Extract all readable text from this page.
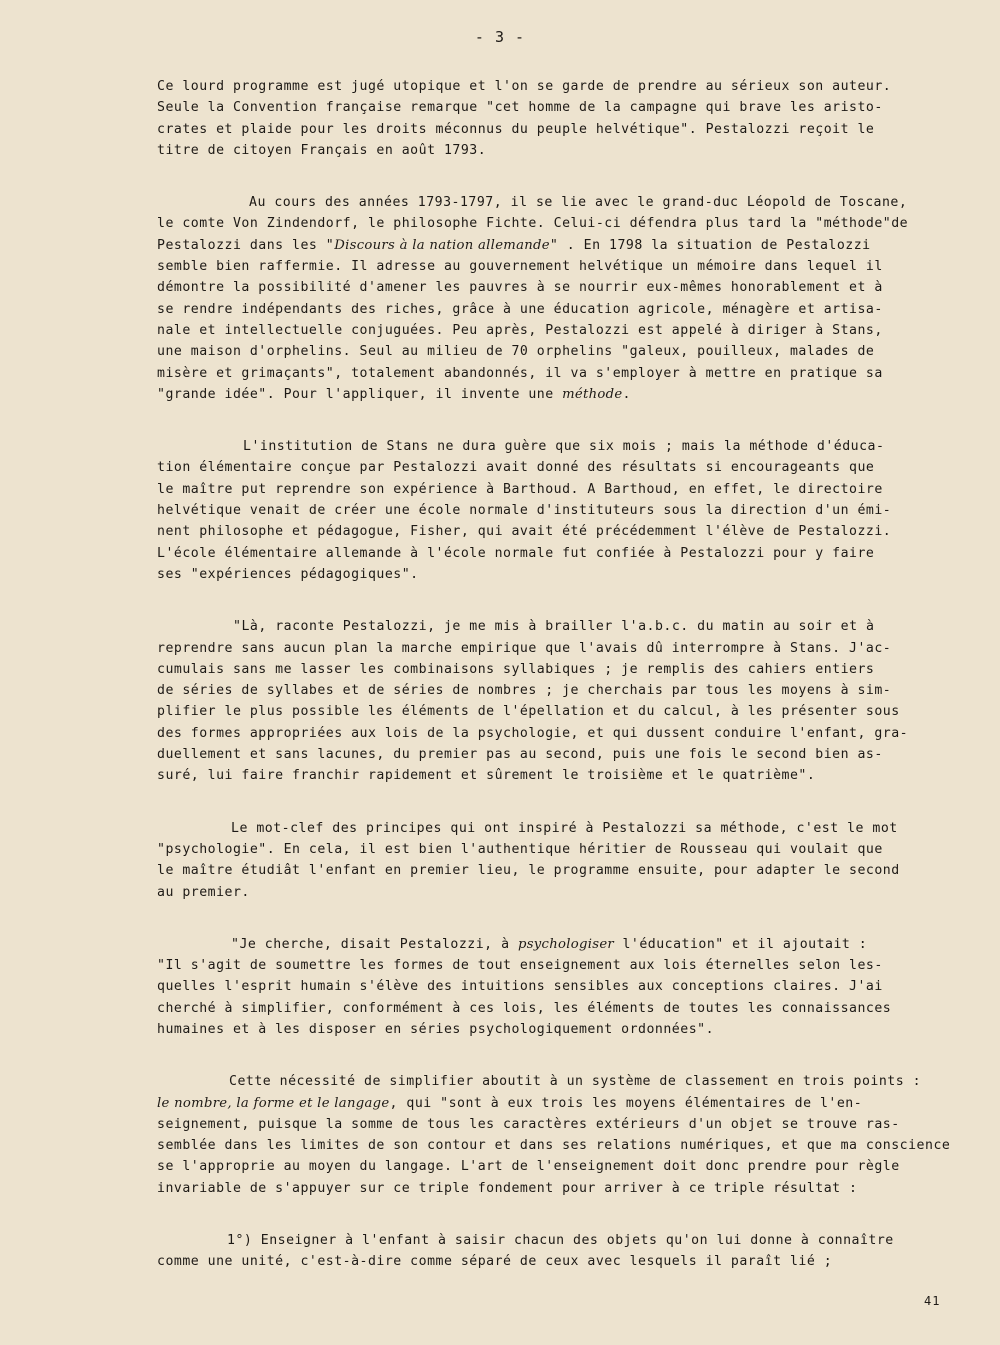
- 3 -

Ce lourd programme est jugé utopique et l'on se garde de prendre au sérieux son auteur.
Seule la Convention française remarque "cet homme de la campagne qui brave les aristo-
crates et plaide pour les droits méconnus du peuple helvétique". Pestalozzi reçoit le
titre de citoyen Français en août 1793.

Au cours des années 1793-1797, il se lie avec le grand-duc Léopold de Toscane,
le comte Von Zindendorf, le philosophe Fichte. Celui-ci défendra plus tard la "méthode"de
Pestalozzi dans les "Discours à la nation allemande" . En 1798 la situation de Pestalozzi
semble bien raffermie. Il adresse au gouvernement helvétique un mémoire dans lequel il
démontre la possibilité d'amener les pauvres à se nourrir eux-mêmes honorablement et à
se rendre indépendants des riches, grâce à une éducation agricole, ménagère et artisa-
nale et intellectuelle conjuguées. Peu après, Pestalozzi est appelé à diriger à Stans,
une maison d'orphelins. Seul au milieu de 70 orphelins "galeux, pouilleux, malades de
misère et grimaçants", totalement abandonnés, il va s'employer à mettre en pratique sa
"grande idée". Pour l'appliquer, il invente une méthode.

L'institution de Stans ne dura guère que six mois ; mais la méthode d'éduca-
tion élémentaire conçue par Pestalozzi avait donné des résultats si encourageants que
le maître put reprendre son expérience à Barthoud. A Barthoud, en effet, le directoire
helvétique venait de créer une école normale d'instituteurs sous la direction d'un émi-
nent philosophe et pédagogue, Fisher, qui avait été précédemment l'élève de Pestalozzi.
L'école élémentaire allemande à l'école normale fut confiée à Pestalozzi pour y faire
ses "expériences pédagogiques".

"Là, raconte Pestalozzi, je me mis à brailler l'a.b.c. du matin au soir et à
reprendre sans aucun plan la marche empirique que l'avais dû interrompre à Stans. J'ac-
cumulais sans me lasser les combinaisons syllabiques ; je remplis des cahiers entiers
de séries de syllabes et de séries de nombres ; je cherchais par tous les moyens à sim-
plifier le plus possible les éléments de l'épellation et du calcul, à les présenter sous
des formes appropriées aux lois de la psychologie, et qui dussent conduire l'enfant, gra-
duellement et sans lacunes, du premier pas au second, puis une fois le second bien as-
suré, lui faire franchir rapidement et sûrement le troisième et le quatrième".

Le mot-clef des principes qui ont inspiré à Pestalozzi sa méthode, c'est le mot
"psychologie". En cela, il est bien l'authentique héritier de Rousseau qui voulait que
le maître étudiât l'enfant en premier lieu, le programme ensuite, pour adapter le second
au premier.

"Je cherche, disait Pestalozzi, à psychologiser l'éducation" et il ajoutait :
"Il s'agit de soumettre les formes de tout enseignement aux lois éternelles selon les-
quelles l'esprit humain s'élève des intuitions sensibles aux conceptions claires. J'ai
cherché à simplifier, conformément à ces lois, les éléments de toutes les connaissances
humaines et à les disposer en séries psychologiquement ordonnées".

Cette nécessité de simplifier aboutit à un système de classement en trois points :
le nombre, la forme et le langage, qui "sont à eux trois les moyens élémentaires de l'en-
seignement, puisque la somme de tous les caractères extérieurs d'un objet se trouve ras-
semblée dans les limites de son contour et dans ses relations numériques, et que ma conscience
se l'approprie au moyen du langage. L'art de l'enseignement doit donc prendre pour règle
invariable de s'appuyer sur ce triple fondement pour arriver à ce triple résultat :

1°) Enseigner à l'enfant à saisir chacun des objets qu'on lui donne à connaître
comme une unité, c'est-à-dire comme séparé de ceux avec lesquels il paraît lié ;

41
